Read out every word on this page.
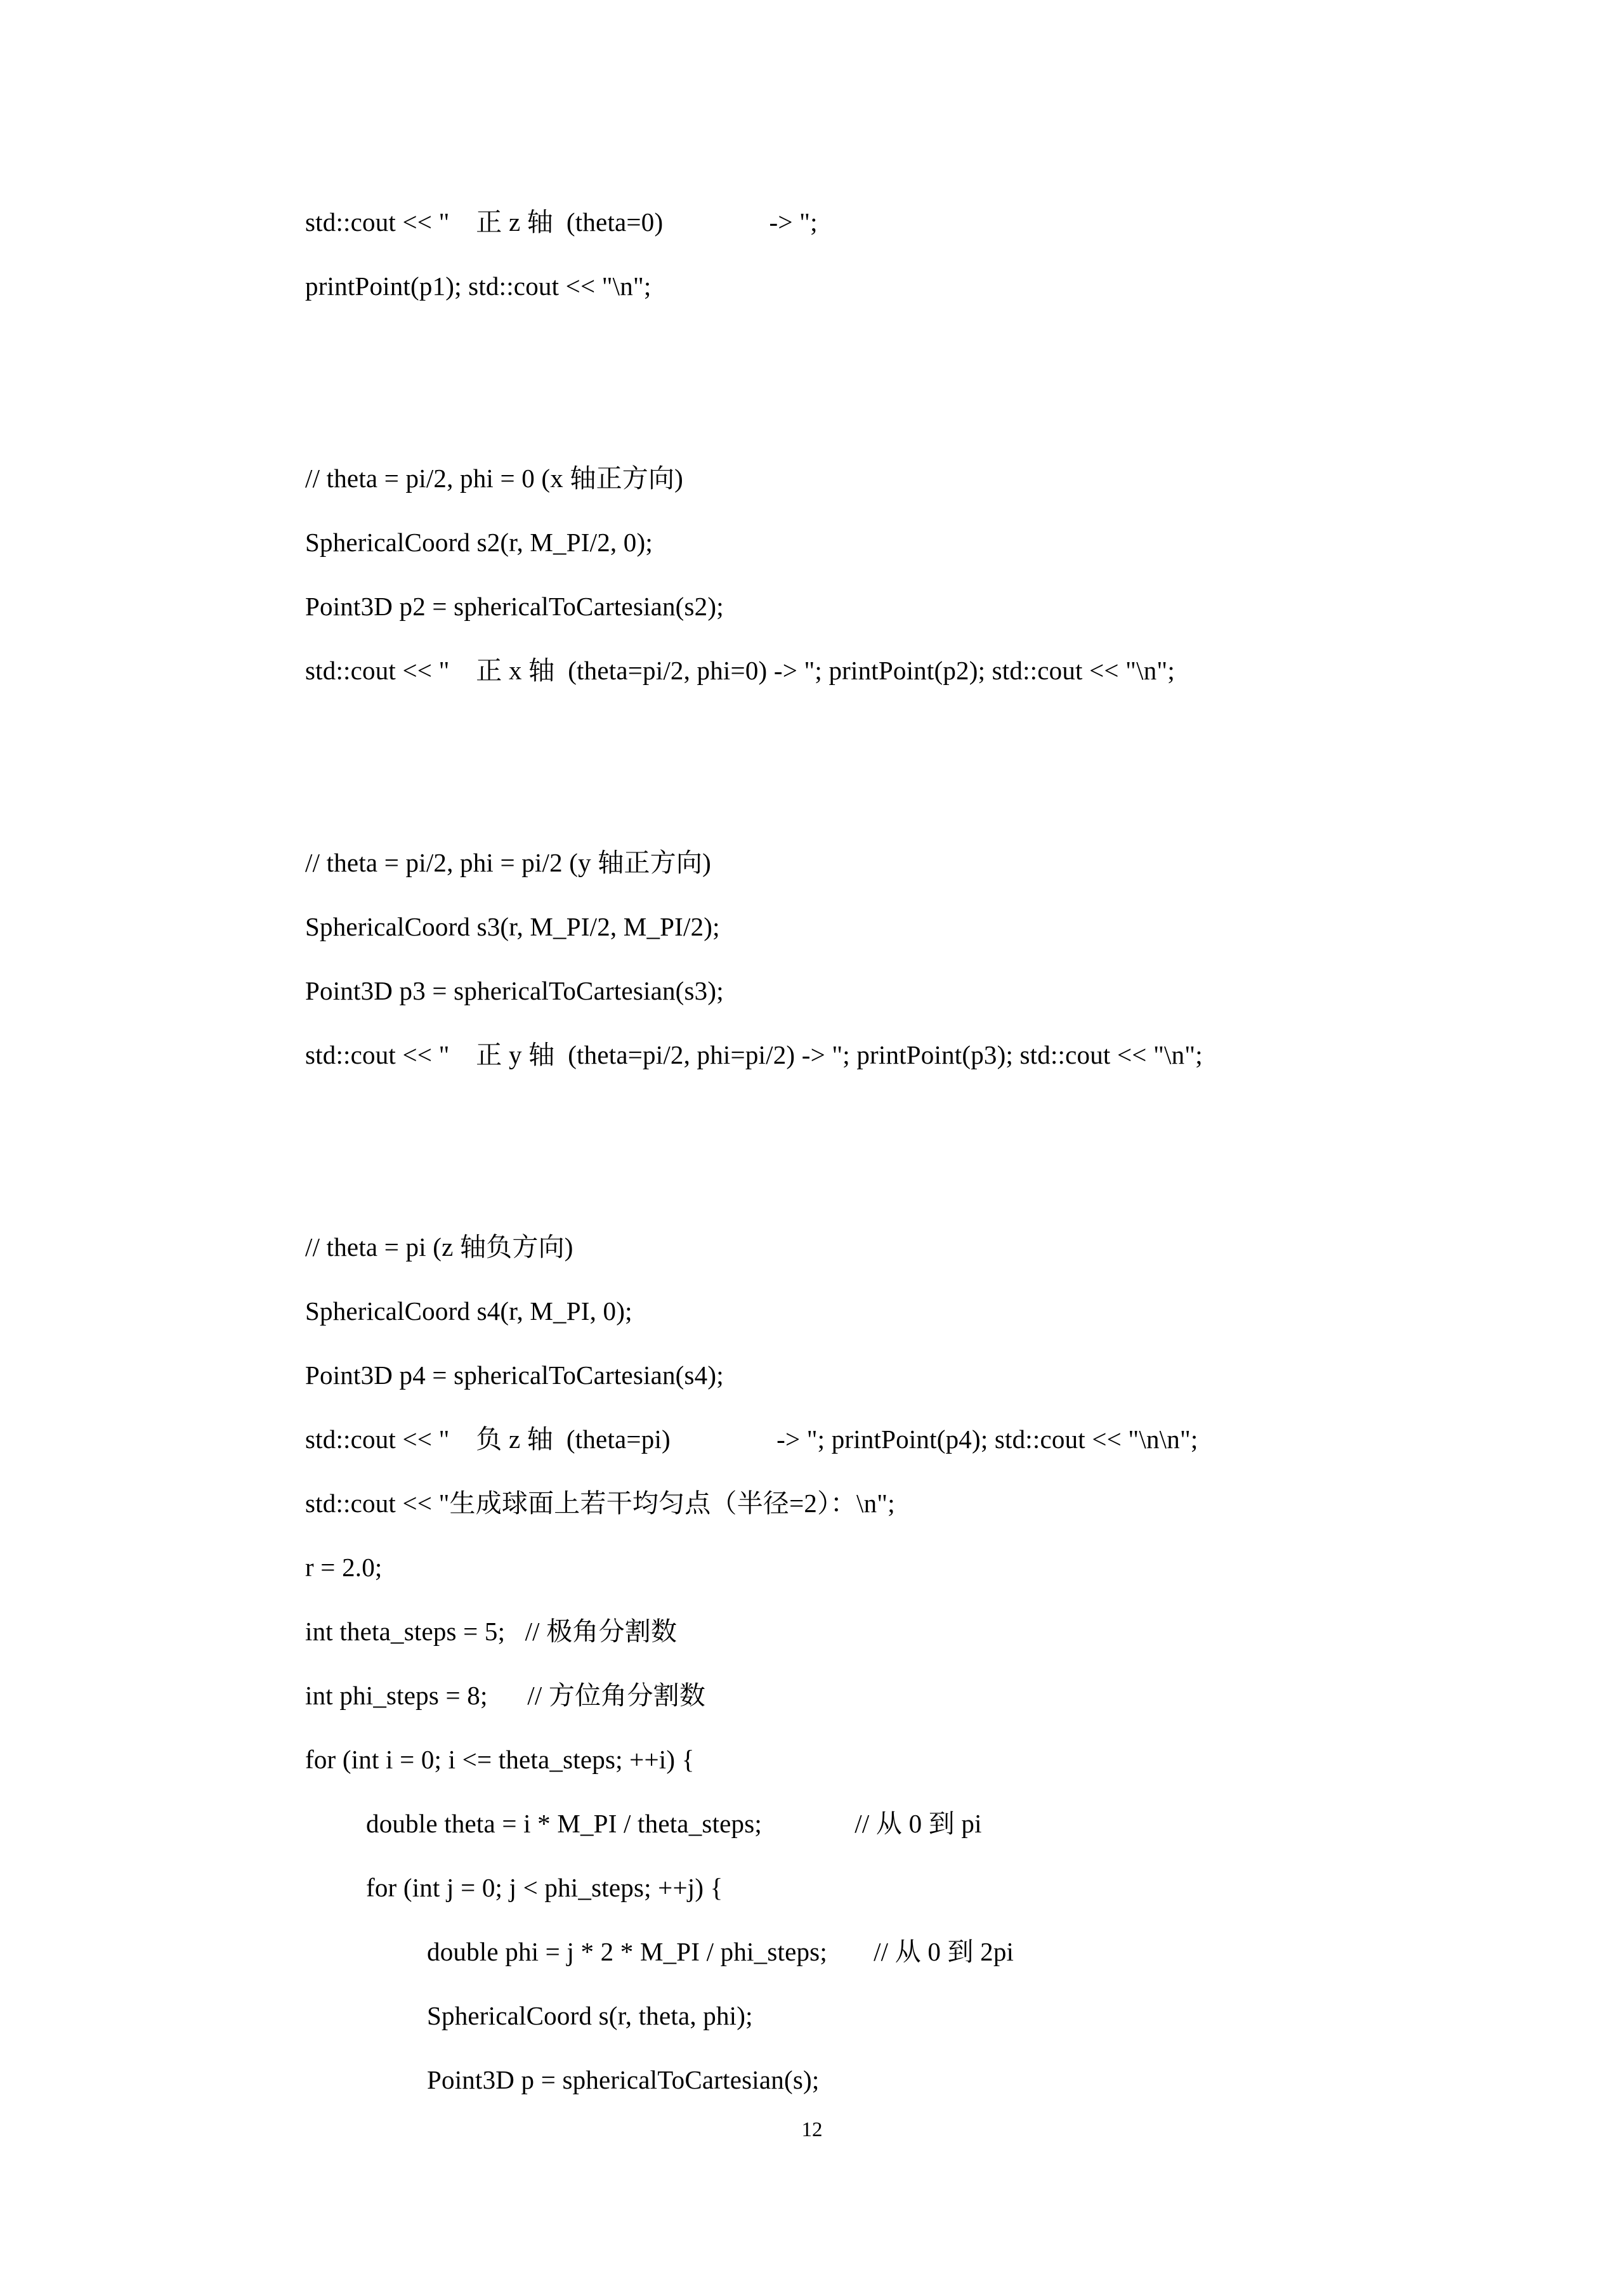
std::cout << "    正 z 轴  (theta=0)                -> ";
printPoint(p1); std::cout << "\n";

// theta = pi/2, phi = 0 (x 轴正方向)
SphericalCoord s2(r, M_PI/2, 0);
Point3D p2 = sphericalToCartesian(s2);
std::cout << "    正 x 轴  (theta=pi/2, phi=0) -> "; printPoint(p2); std::cout << "\n";

// theta = pi/2, phi = pi/2 (y 轴正方向)
SphericalCoord s3(r, M_PI/2, M_PI/2);
Point3D p3 = sphericalToCartesian(s3);
std::cout << "    正 y 轴  (theta=pi/2, phi=pi/2) -> "; printPoint(p3); std::cout << "\n";

// theta = pi (z 轴负方向)
SphericalCoord s4(r, M_PI, 0);
Point3D p4 = sphericalToCartesian(s4);
std::cout << "    负 z 轴  (theta=pi)                -> "; printPoint(p4); std::cout << "\n\n";
std::cout << "生成球面上若干均匀点（半径=2）：\n";
r = 2.0;
int theta_steps = 5;   // 极角分割数
int phi_steps = 8;      // 方位角分割数
for (int i = 0; i <= theta_steps; ++i) {
double theta = i * M_PI / theta_steps;              // 从 0 到 pi
for (int j = 0; j < phi_steps; ++j) {
double phi = j * 2 * M_PI / phi_steps;       // 从 0 到 2pi
SphericalCoord s(r, theta, phi);
Point3D p = sphericalToCartesian(s);
12
